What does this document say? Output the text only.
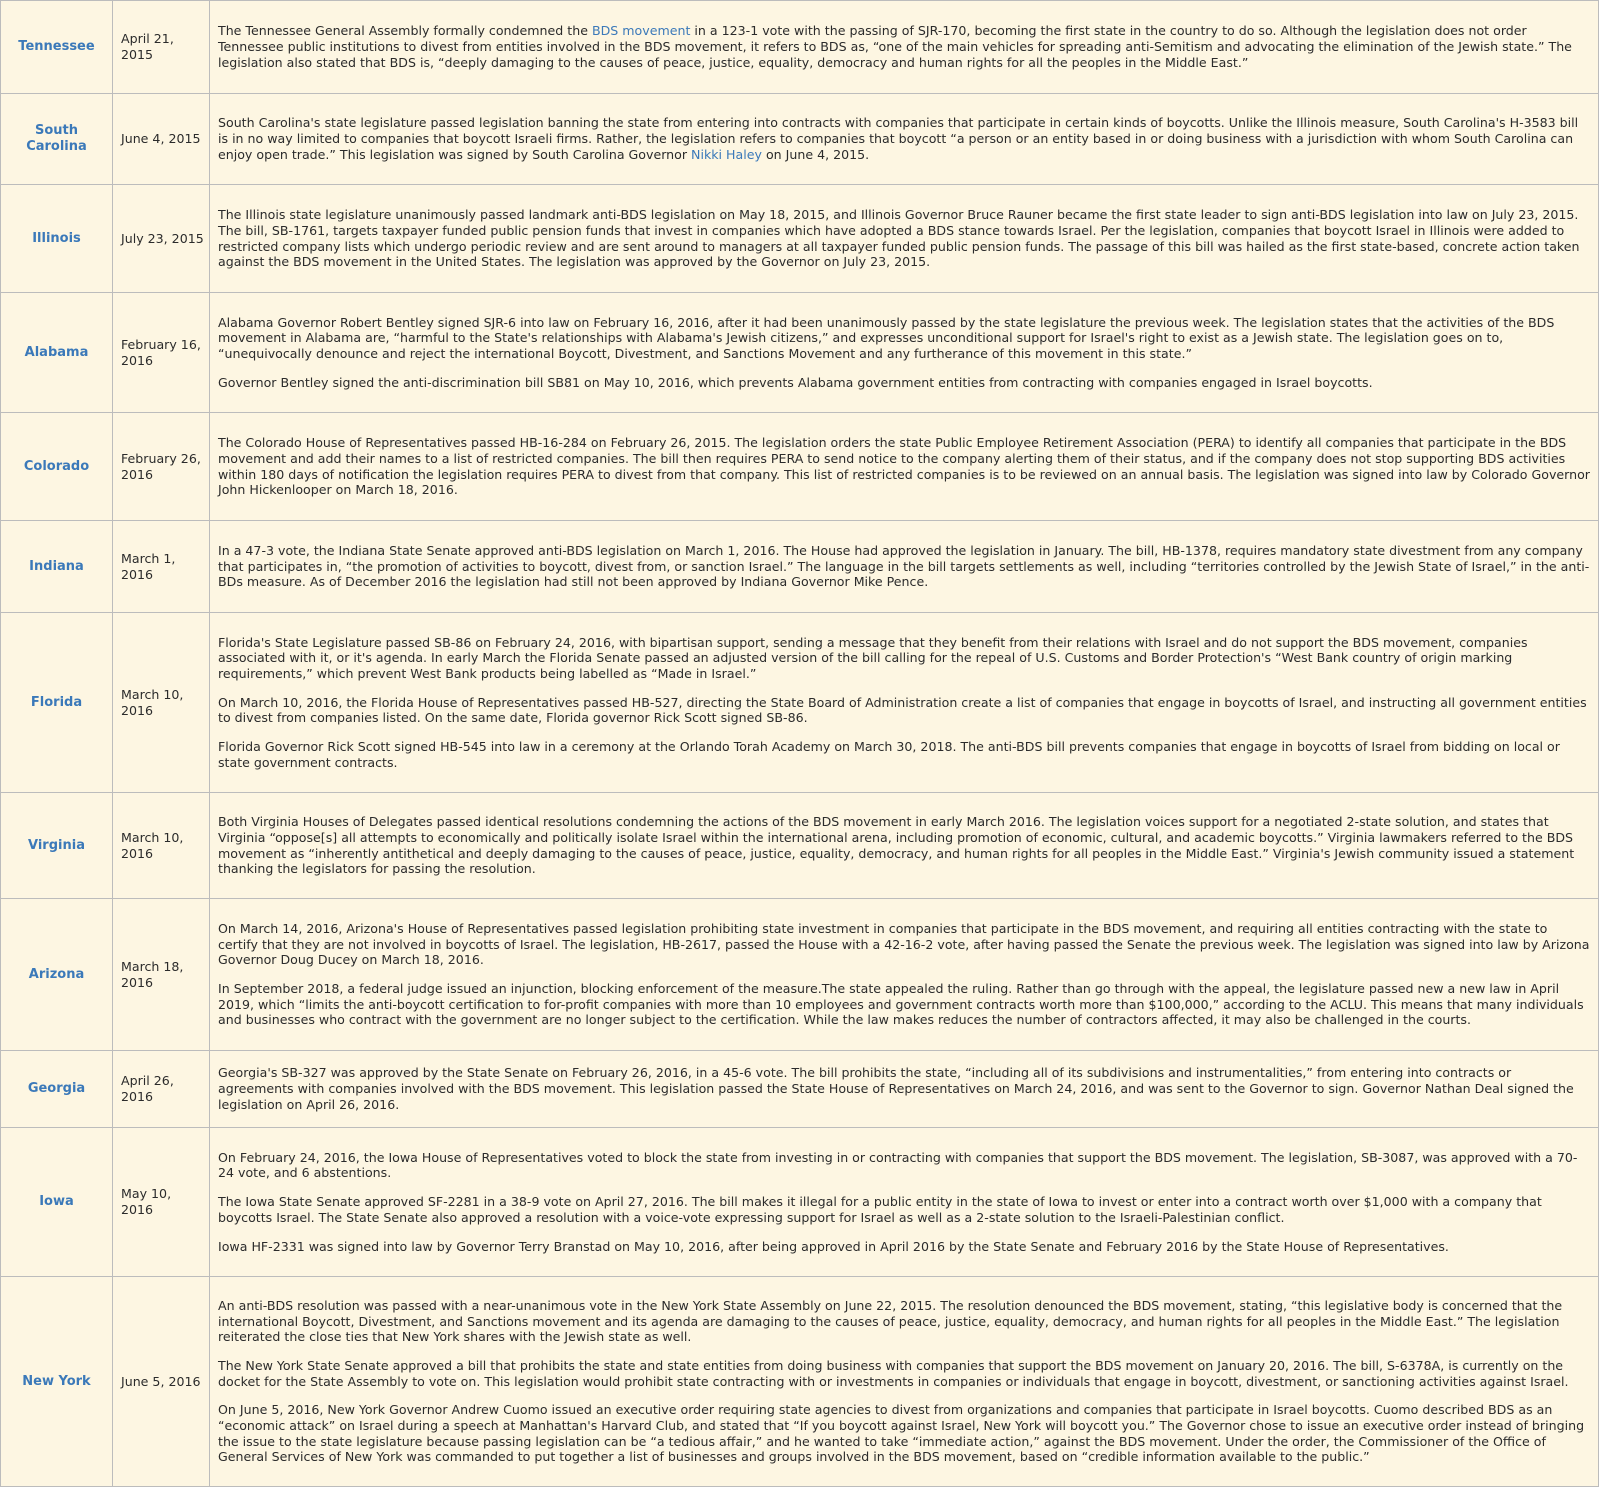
Tennessee	April 21, 2015	The Tennessee General Assembly formally condemned the BDS movement in a 123-1 vote with the passing of SJR-170, becoming the first state in the country to do so. Although the legislation does not order Tennessee public institutions to divest from entities involved in the BDS movement, it refers to BDS as, “one of the main vehicles for spreading anti-Semitism and advocating the elimination of the Jewish state.” The legislation also stated that BDS is, “deeply damaging to the causes of peace, justice, equality, democracy and human rights for all the peoples in the Middle East.”

South Carolina	June 4, 2015	South Carolina's state legislature passed legislation banning the state from entering into contracts with companies that participate in certain kinds of boycotts. Unlike the Illinois measure, South Carolina's H-3583 bill is in no way limited to companies that boycott Israeli firms. Rather, the legislation refers to companies that boycott “a person or an entity based in or doing business with a jurisdiction with whom South Carolina can enjoy open trade.” This legislation was signed by South Carolina Governor Nikki Haley on June 4, 2015.

Illinois	July 23, 2015	The Illinois state legislature unanimously passed landmark anti-BDS legislation on May 18, 2015, and Illinois Governor Bruce Rauner became the first state leader to sign anti-BDS legislation into law on July 23, 2015. The bill, SB-1761, targets taxpayer funded public pension funds that invest in companies which have adopted a BDS stance towards Israel. Per the legislation, companies that boycott Israel in Illinois were added to restricted company lists which undergo periodic review and are sent around to managers at all taxpayer funded public pension funds. The passage of this bill was hailed as the first state-based, concrete action taken against the BDS movement in the United States. The legislation was approved by the Governor on July 23, 2015.

Alabama	February 16, 2016	Alabama Governor Robert Bentley signed SJR-6 into law on February 16, 2016, after it had been unanimously passed by the state legislature the previous week. The legislation states that the activities of the BDS movement in Alabama are, “harmful to the State's relationships with Alabama's Jewish citizens,” and expresses unconditional support for Israel's right to exist as a Jewish state. The legislation goes on to, “unequivocally denounce and reject the international Boycott, Divestment, and Sanctions Movement and any furtherance of this movement in this state.”

Governor Bentley signed the anti-discrimination bill SB81 on May 10, 2016, which prevents Alabama government entities from contracting with companies engaged in Israel boycotts.

Colorado	February 26, 2016	The Colorado House of Representatives passed HB-16-284 on February 26, 2015. The legislation orders the state Public Employee Retirement Association (PERA) to identify all companies that participate in the BDS movement and add their names to a list of restricted companies. The bill then requires PERA to send notice to the company alerting them of their status, and if the company does not stop supporting BDS activities within 180 days of notification the legislation requires PERA to divest from that company. This list of restricted companies is to be reviewed on an annual basis. The legislation was signed into law by Colorado Governor John Hickenlooper on March 18, 2016.

Indiana	March 1, 2016	In a 47-3 vote, the Indiana State Senate approved anti-BDS legislation on March 1, 2016. The House had approved the legislation in January. The bill, HB-1378, requires mandatory state divestment from any company that participates in, “the promotion of activities to boycott, divest from, or sanction Israel.” The language in the bill targets settlements as well, including “territories controlled by the Jewish State of Israel,” in the anti-BDs measure. As of December 2016 the legislation had still not been approved by Indiana Governor Mike Pence.

Florida	March 10, 2016	Florida's State Legislature passed SB-86 on February 24, 2016, with bipartisan support, sending a message that they benefit from their relations with Israel and do not support the BDS movement, companies associated with it, or it's agenda. In early March the Florida Senate passed an adjusted version of the bill calling for the repeal of U.S. Customs and Border Protection's “West Bank country of origin marking requirements,” which prevent West Bank products being labelled as “Made in Israel.”

On March 10, 2016, the Florida House of Representatives passed HB-527, directing the State Board of Administration create a list of companies that engage in boycotts of Israel, and instructing all government entities to divest from companies listed. On the same date, Florida governor Rick Scott signed SB-86.

Florida Governor Rick Scott signed HB-545 into law in a ceremony at the Orlando Torah Academy on March 30, 2018. The anti-BDS bill prevents companies that engage in boycotts of Israel from bidding on local or state government contracts.

Virginia	March 10, 2016	Both Virginia Houses of Delegates passed identical resolutions condemning the actions of the BDS movement in early March 2016. The legislation voices support for a negotiated 2-state solution, and states that Virginia “oppose[s] all attempts to economically and politically isolate Israel within the international arena, including promotion of economic, cultural, and academic boycotts.” Virginia lawmakers referred to the BDS movement as “inherently antithetical and deeply damaging to the causes of peace, justice, equality, democracy, and human rights for all peoples in the Middle East.” Virginia's Jewish community issued a statement thanking the legislators for passing the resolution.

Arizona	March 18, 2016	On March 14, 2016, Arizona's House of Representatives passed legislation prohibiting state investment in companies that participate in the BDS movement, and requiring all entities contracting with the state to certify that they are not involved in boycotts of Israel. The legislation, HB-2617, passed the House with a 42-16-2 vote, after having passed the Senate the previous week. The legislation was signed into law by Arizona Governor Doug Ducey on March 18, 2016.

In September 2018, a federal judge issued an injunction, blocking enforcement of the measure.The state appealed the ruling. Rather than go through with the appeal, the legislature passed new a new law in April 2019, which “limits the anti-boycott certification to for-profit companies with more than 10 employees and government contracts worth more than $100,000,” according to the ACLU. This means that many individuals and businesses who contract with the government are no longer subject to the certification. While the law makes reduces the number of contractors affected, it may also be challenged in the courts.

Georgia	April 26, 2016	Georgia's SB-327 was approved by the State Senate on February 26, 2016, in a 45-6 vote. The bill prohibits the state, “including all of its subdivisions and instrumentalities,” from entering into contracts or agreements with companies involved with the BDS movement. This legislation passed the State House of Representatives on March 24, 2016, and was sent to the Governor to sign. Governor Nathan Deal signed the legislation on April 26, 2016.

Iowa	May 10, 2016	On February 24, 2016, the Iowa House of Representatives voted to block the state from investing in or contracting with companies that support the BDS movement. The legislation, SB-3087, was approved with a 70-24 vote, and 6 abstentions.

The Iowa State Senate approved SF-2281 in a 38-9 vote on April 27, 2016. The bill makes it illegal for a public entity in the state of Iowa to invest or enter into a contract worth over $1,000 with a company that boycotts Israel. The State Senate also approved a resolution with a voice-vote expressing support for Israel as well as a 2-state solution to the Israeli-Palestinian conflict.

Iowa HF-2331 was signed into law by Governor Terry Branstad on May 10, 2016, after being approved in April 2016 by the State Senate and February 2016 by the State House of Representatives.

New York	June 5, 2016	An anti-BDS resolution was passed with a near-unanimous vote in the New York State Assembly on June 22, 2015. The resolution denounced the BDS movement, stating, “this legislative body is concerned that the international Boycott, Divestment, and Sanctions movement and its agenda are damaging to the causes of peace, justice, equality, democracy, and human rights for all peoples in the Middle East.” The legislation reiterated the close ties that New York shares with the Jewish state as well.

The New York State Senate approved a bill that prohibits the state and state entities from doing business with companies that support the BDS movement on January 20, 2016. The bill, S-6378A, is currently on the docket for the State Assembly to vote on. This legislation would prohibit state contracting with or investments in companies or individuals that engage in boycott, divestment, or sanctioning activities against Israel.

On June 5, 2016, New York Governor Andrew Cuomo issued an executive order requiring state agencies to divest from organizations and companies that participate in Israel boycotts. Cuomo described BDS as an “economic attack” on Israel during a speech at Manhattan's Harvard Club, and stated that “If you boycott against Israel, New York will boycott you.” The Governor chose to issue an executive order instead of bringing the issue to the state legislature because passing legislation can be “a tedious affair,” and he wanted to take “immediate action,” against the BDS movement. Under the order, the Commissioner of the Office of General Services of New York was commanded to put together a list of businesses and groups involved in the BDS movement, based on “credible information available to the public.”
